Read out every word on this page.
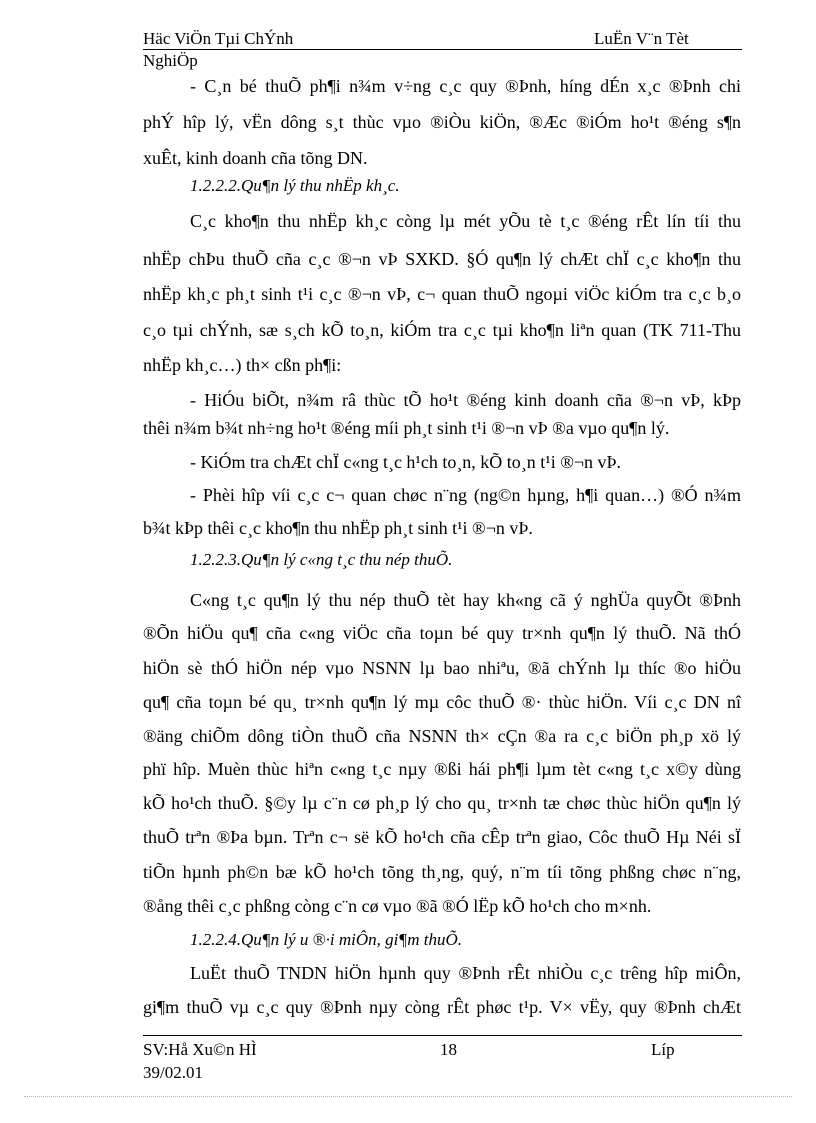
Häc ViÖn Tµi ChÝnh	LuËn V¨n Tèt
NghiÖp
- C¸n bé thuÕ ph¶i n¾m v÷ng c¸c quy ®Þnh, híng dÉn x¸c ®Þnh chi
phÝ hîp lý, vËn dông s¸t thùc vµo ®iÒu kiÖn, ®Æc ®iÓm ho¹t ®éng s¶n
xuÊt, kinh doanh cña tõng DN.
1.2.2.2.Qu¶n lý thu nhËp kh¸c.
C¸c kho¶n thu nhËp kh¸c còng lµ mét yÕu tè t¸c ®éng rÊt lín tíi thu
nhËp chÞu thuÕ cña c¸c ®¬n vÞ SXKD. §Ó qu¶n lý chÆt chÏ c¸c kho¶n thu
nhËp kh¸c ph¸t sinh t¹i c¸c ®¬n vÞ, c¬ quan thuÕ ngoµi viÖc kiÓm tra c¸c b¸o
c¸o tµi chÝnh, sæ s¸ch kÕ to¸n, kiÓm tra c¸c tµi kho¶n liªn quan (TK 711-Thu
nhËp kh¸c…) th× cßn ph¶i:
- HiÓu biÕt, n¾m râ thùc tÕ ho¹t ®éng kinh doanh cña ®¬n vÞ, kÞp
thêi n¾m b¾t nh÷ng ho¹t ®éng míi ph¸t sinh t¹i ®¬n vÞ ®a vµo qu¶n lý.
- KiÓm tra chÆt chÏ c«ng t¸c h¹ch to¸n, kÕ to¸n t¹i ®¬n vÞ.
- Phèi hîp víi c¸c c¬ quan chøc n¨ng (ng©n hµng, h¶i quan…) ®Ó n¾m
b¾t kÞp thêi c¸c kho¶n thu nhËp ph¸t sinh t¹i ®¬n vÞ.
1.2.2.3.Qu¶n lý c«ng t¸c thu nép thuÕ.
C«ng t¸c qu¶n lý thu nép thuÕ tèt hay kh«ng cã ý nghÜa quyÕt ®Þnh
®Õn hiÖu qu¶ cña c«ng viÖc cña toµn bé quy tr×nh qu¶n lý thuÕ. Nã thÓ
hiÖn sè thÓ hiÖn nép vµo NSNN lµ bao nhiªu, ®ã chÝnh lµ thíc ®o hiÖu
qu¶ cña toµn bé qu¸ tr×nh qu¶n lý mµ côc thuÕ ®· thùc hiÖn. Víi c¸c DN nî
®äng chiÕm dông tiÒn thuÕ cña NSNN th× cÇn ®a ra c¸c biÖn ph¸p xö lý
phï hîp. Muèn thùc hiªn c«ng t¸c nµy ®ßi hái ph¶i lµm tèt c«ng t¸c x©y dùng
kÕ ho¹ch thuÕ. §©y lµ c¨n cø ph¸p lý cho qu¸ tr×nh tæ chøc thùc hiÖn qu¶n lý
thuÕ trªn ®Þa bµn. Trªn c¬ së kÕ ho¹ch cña cÊp trªn giao, Côc thuÕ Hµ Néi sÏ
tiÕn hµnh ph©n bæ kÕ ho¹ch tõng th¸ng, quý, n¨m tíi tõng phßng chøc n¨ng,
®ång thêi c¸c phßng còng c¨n cø vµo ®ã ®Ó lËp kÕ ho¹ch cho m×nh.
1.2.2.4.Qu¶n lý u ®·i miÔn, gi¶m thuÕ.
LuËt thuÕ TNDN hiÖn hµnh quy ®Þnh rÊt nhiÒu c¸c trêng hîp miÔn,
gi¶m thuÕ vµ c¸c quy ®Þnh nµy còng rÊt phøc t¹p. V× vËy, quy ®Þnh chÆt
SV:Hå Xu©n HÌ	18	Líp
39/02.01
